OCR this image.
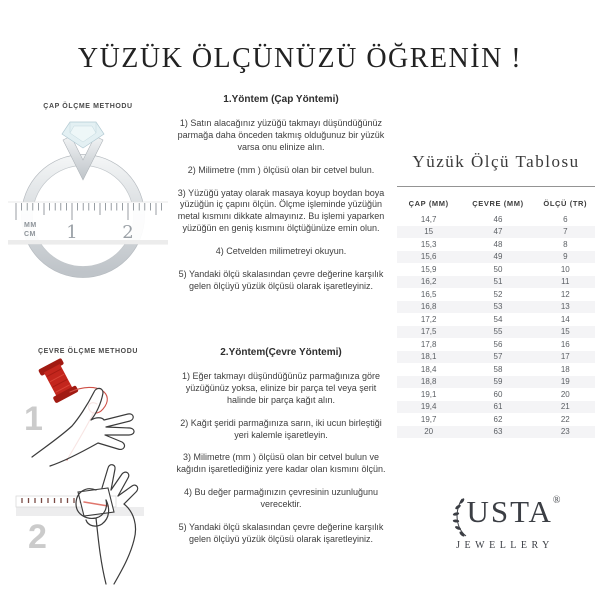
YÜZÜK ÖLÇÜNÜZÜ ÖĞRENİN !
ÇAP ÖLÇME METHODU
MM
CM 1 2
ÇEVRE ÖLÇME METHODU
1
2
1.Yöntem (Çap Yöntemi)

1) Satın alacağınız yüzüğü takmayı düşündüğünüz parmağa daha önceden takmış olduğunuz bir yüzük varsa onu elinize alın.

2) Milimetre (mm ) ölçüsü olan bir cetvel bulun.

3) Yüzüğü yatay olarak masaya koyup boydan boya yüzüğün iç çapını ölçün. Ölçme işleminde yüzüğün metal kısmını dikkate almayınız. Bu işlemi yaparken yüzüğün en geniş kısmını ölçtüğünüze emin olun.

4) Cetvelden milimetreyi okuyun.

5) Yandaki ölçü skalasından çevre değerine karşılık gelen ölçüyü yüzük ölçüsü olarak işaretleyiniz.

2.Yöntem(Çevre Yöntemi)

1) Eğer takmayı düşündüğünüz parmağınıza göre yüzüğünüz yoksa, elinize bir parça tel veya şerit halinde bir parça kağıt alın.

2) Kağıt şeridi parmağınıza sarın, iki ucun birleştiği yeri kalemle işaretleyin.

3) Milimetre (mm ) ölçüsü olan bir cetvel bulun ve kağıdın işaretlediğiniz yere kadar olan kısmını ölçün.

4) Bu değer parmağınızın çevresinin uzunluğunu verecektir.

5) Yandaki ölçü skalasından çevre değerine karşılık gelen ölçüyü yüzük ölçüsü olarak işaretleyiniz.

Yüzük Ölçü Tablosu
ÇAP (MM)	ÇEVRE (MM)	ÖLÇÜ (TR)
14,7	46	6
15	47	7
15,3	48	8
15,6	49	9
15,9	50	10
16,2	51	11
16,5	52	12
16,8	53	13
17,2	54	14
17,5	55	15
17,8	56	16
18,1	57	17
18,4	58	18
18,8	59	19
19,1	60	20
19,4	61	21
19,7	62	22
20	63	23
USTA ®
JEWELLERY
